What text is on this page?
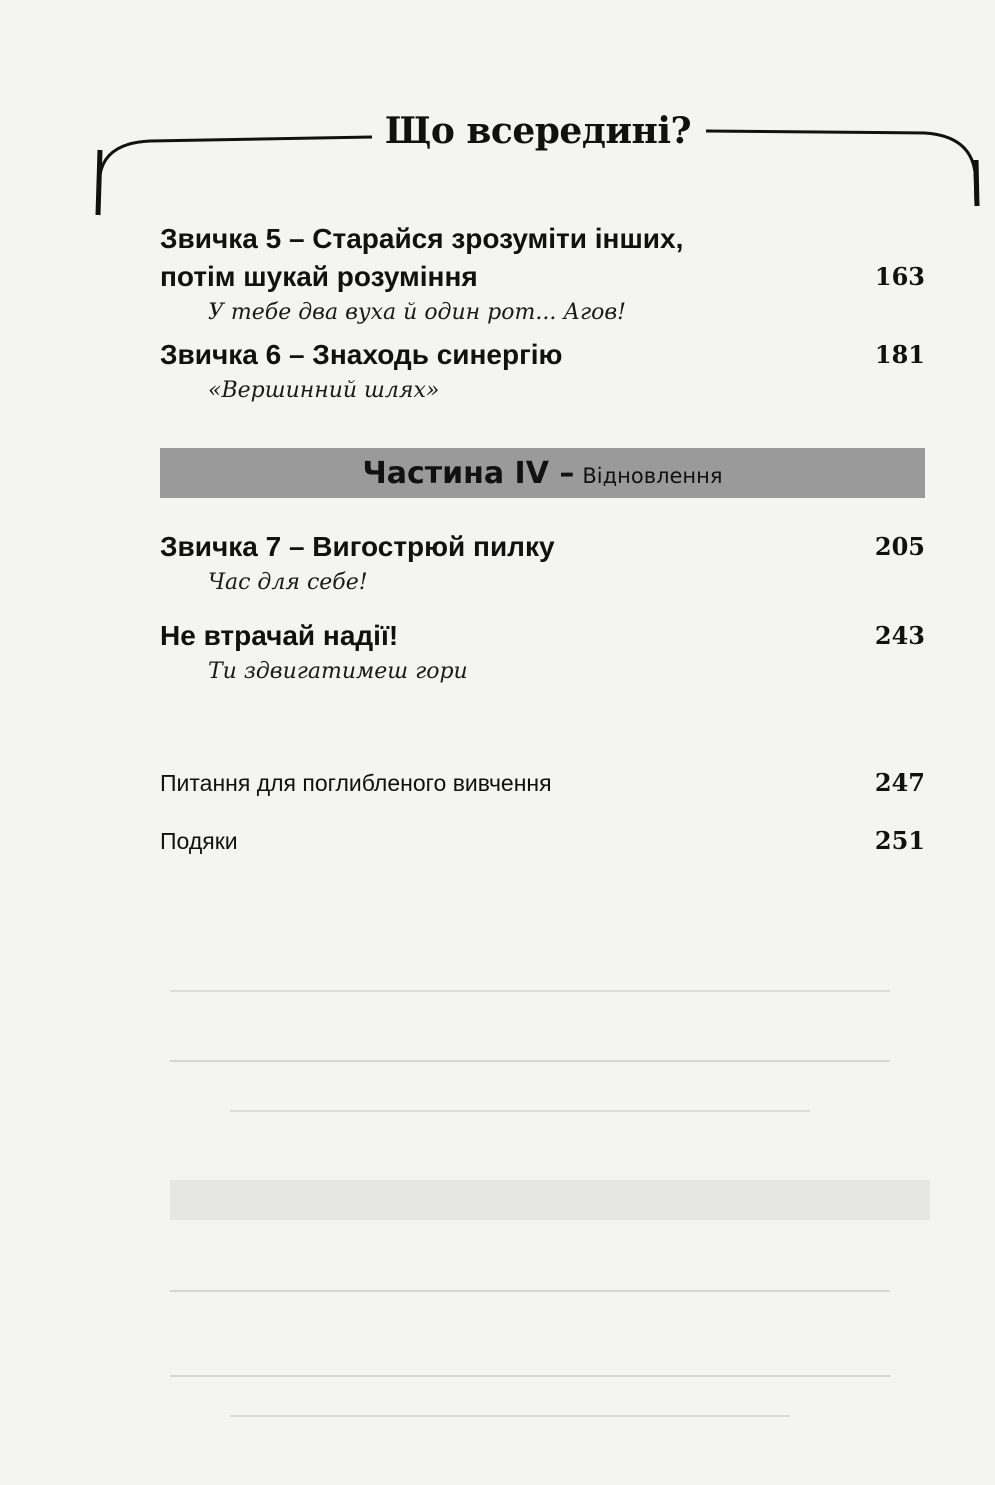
Що всередині?
Звичка 5 – Старайся зрозуміти інших,
потім шукай розуміння	163
У тебе два вуха й один рот... Агов!
Звичка 6 – Знаходь синергію	181
«Вершинний шлях»
Частина IV – Відновлення
Звичка 7 – Вигострюй пилку	205
Час для себе!
Не втрачай надії!	243
Ти здвигатимеш гори
Питання для поглибленого вивчення	247
Подяки	251
